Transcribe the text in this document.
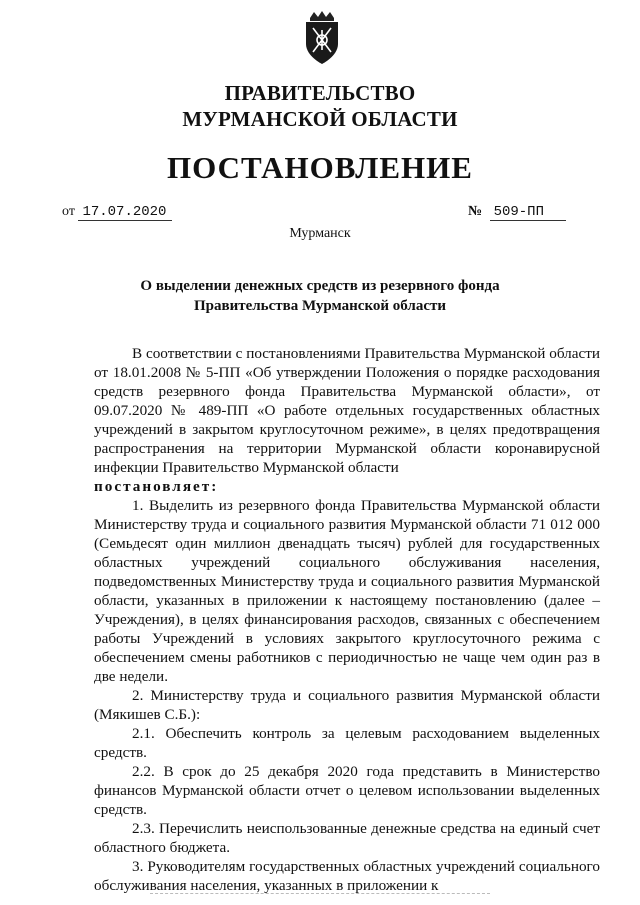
ПРАВИТЕЛЬСТВО
МУРМАНСКОЙ ОБЛАСТИ
ПОСТАНОВЛЕНИЕ
от 17.07.2020	№ 509-ПП
Мурманск
О выделении денежных средств из резервного фонда
Правительства Мурманской области

В соответствии с постановлениями Правительства Мурманской области от 18.01.2008 № 5-ПП «Об утверждении Положения о порядке расходования средств резервного фонда Правительства Мурманской области», от 09.07.2020 № 489-ПП «О работе отдельных государственных областных учреждений в закрытом круглосуточном режиме», в целях предотвращения распространения на территории Мурманской области коронавирусной инфекции Правительство Мурманской области
постановляет:

1. Выделить из резервного фонда Правительства Мурманской области Министерству труда и социального развития Мурманской области 71 012 000 (Семьдесят один миллион двенадцать тысяч) рублей для государственных областных учреждений социального обслуживания населения, подведомственных Министерству труда и социального развития Мурманской области, указанных в приложении к настоящему постановлению (далее – Учреждения), в целях финансирования расходов, связанных с обеспечением работы Учреждений в условиях закрытого круглосуточного режима с обеспечением смены работников с периодичностью не чаще чем один раз в две недели.

2. Министерству труда и социального развития Мурманской области (Мякишев С.Б.):

2.1. Обеспечить контроль за целевым расходованием выделенных средств.

2.2. В срок до 25 декабря 2020 года представить в Министерство финансов Мурманской области отчет о целевом использовании выделенных средств.

2.3. Перечислить неиспользованные денежные средства на единый счет областного бюджета.

3. Руководителям государственных областных учреждений социального обслуживания населения, указанных в приложении к
